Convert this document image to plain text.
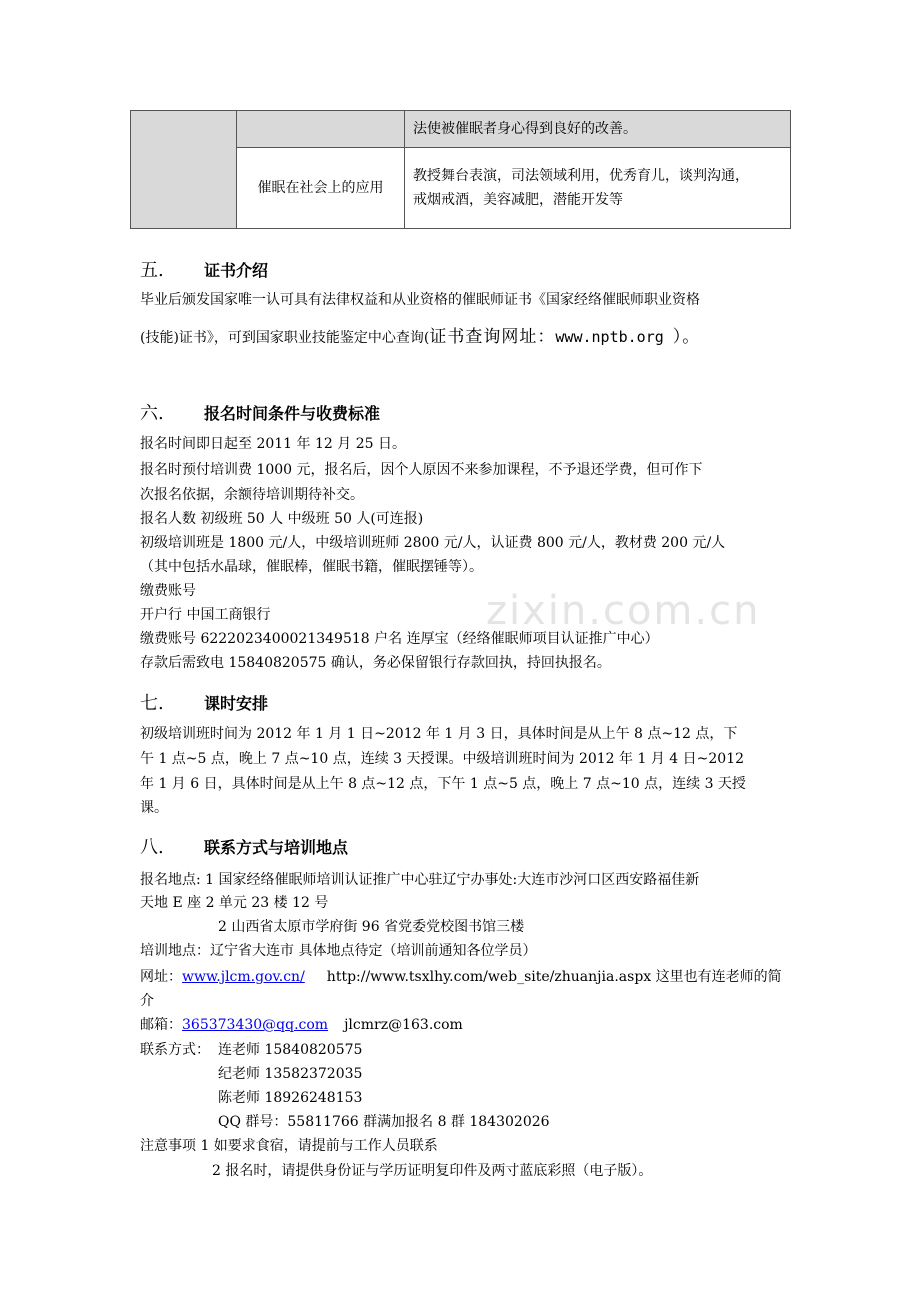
zixin.com.cn
		法使被催眠者身心得到良好的改善。
	催眠在社会上的应用	教授舞台表演，司法领域利用，优秀育儿，谈判沟通，
戒烟戒酒，美容减肥，潜能开发等
五.	证书介绍
毕业后颁发国家唯一认可具有法律权益和从业资格的催眠师证书《国家经络催眠师职业资格
(技能)证书》，可到国家职业技能鉴定中心查询(证书查询网址：www.nptb.org ）。
六.	报名时间条件与收费标准
报名时间即日起至 2011 年 12 月 25 日。
报名时预付培训费 1000 元，报名后，因个人原因不来参加课程，不予退还学费，但可作下
次报名依据，余额待培训期待补交。
报名人数 初级班 50 人 中级班 50 人(可连报)
初级培训班是 1800 元/人，中级培训班师 2800 元/人，认证费 800 元/人，教材费 200 元/人
（其中包括水晶球，催眠棒，催眠书籍，催眠摆锤等）。
缴费账号
开户行 中国工商银行
缴费账号 6222023400021349518 户名 连厚宝（经络催眠师项目认证推广中心）
存款后需致电 15840820575 确认，务必保留银行存款回执，持回执报名。
七.	课时安排
初级培训班时间为 2012 年 1 月 1 日~2012 年 1 月 3 日，具体时间是从上午 8 点~12 点，下
午 1 点~5 点，晚上 7 点~10 点，连续 3 天授课。中级培训班时间为 2012 年 1 月 4 日~2012
年 1 月 6 日，具体时间是从上午 8 点~12 点，下午 1 点~5 点，晚上 7 点~10 点，连续 3 天授
课。
八.	联系方式与培训地点
报名地点: 1 国家经络催眠师培训认证推广中心驻辽宁办事处:大连市沙河口区西安路福佳新
天地 E 座 2 单元 23 楼 12 号
2 山西省太原市学府街 96 省党委党校图书馆三楼
培训地点：辽宁省大连市 具体地点待定（培训前通知各位学员）
网址：www.jlcm.gov.cn/ http://www.tsxlhy.com/web_site/zhuanjia.aspx 这里也有连老师的简
介
邮箱：365373430@qq.com jlcmrz@163.com
联系方式： 连老师 15840820575
纪老师 13582372035
陈老师 18926248153
QQ 群号：55811766 群满加报名 8 群 184302026
注意事项 1 如要求食宿，请提前与工作人员联系
2 报名时，请提供身份证与学历证明复印件及两寸蓝底彩照（电子版）。
